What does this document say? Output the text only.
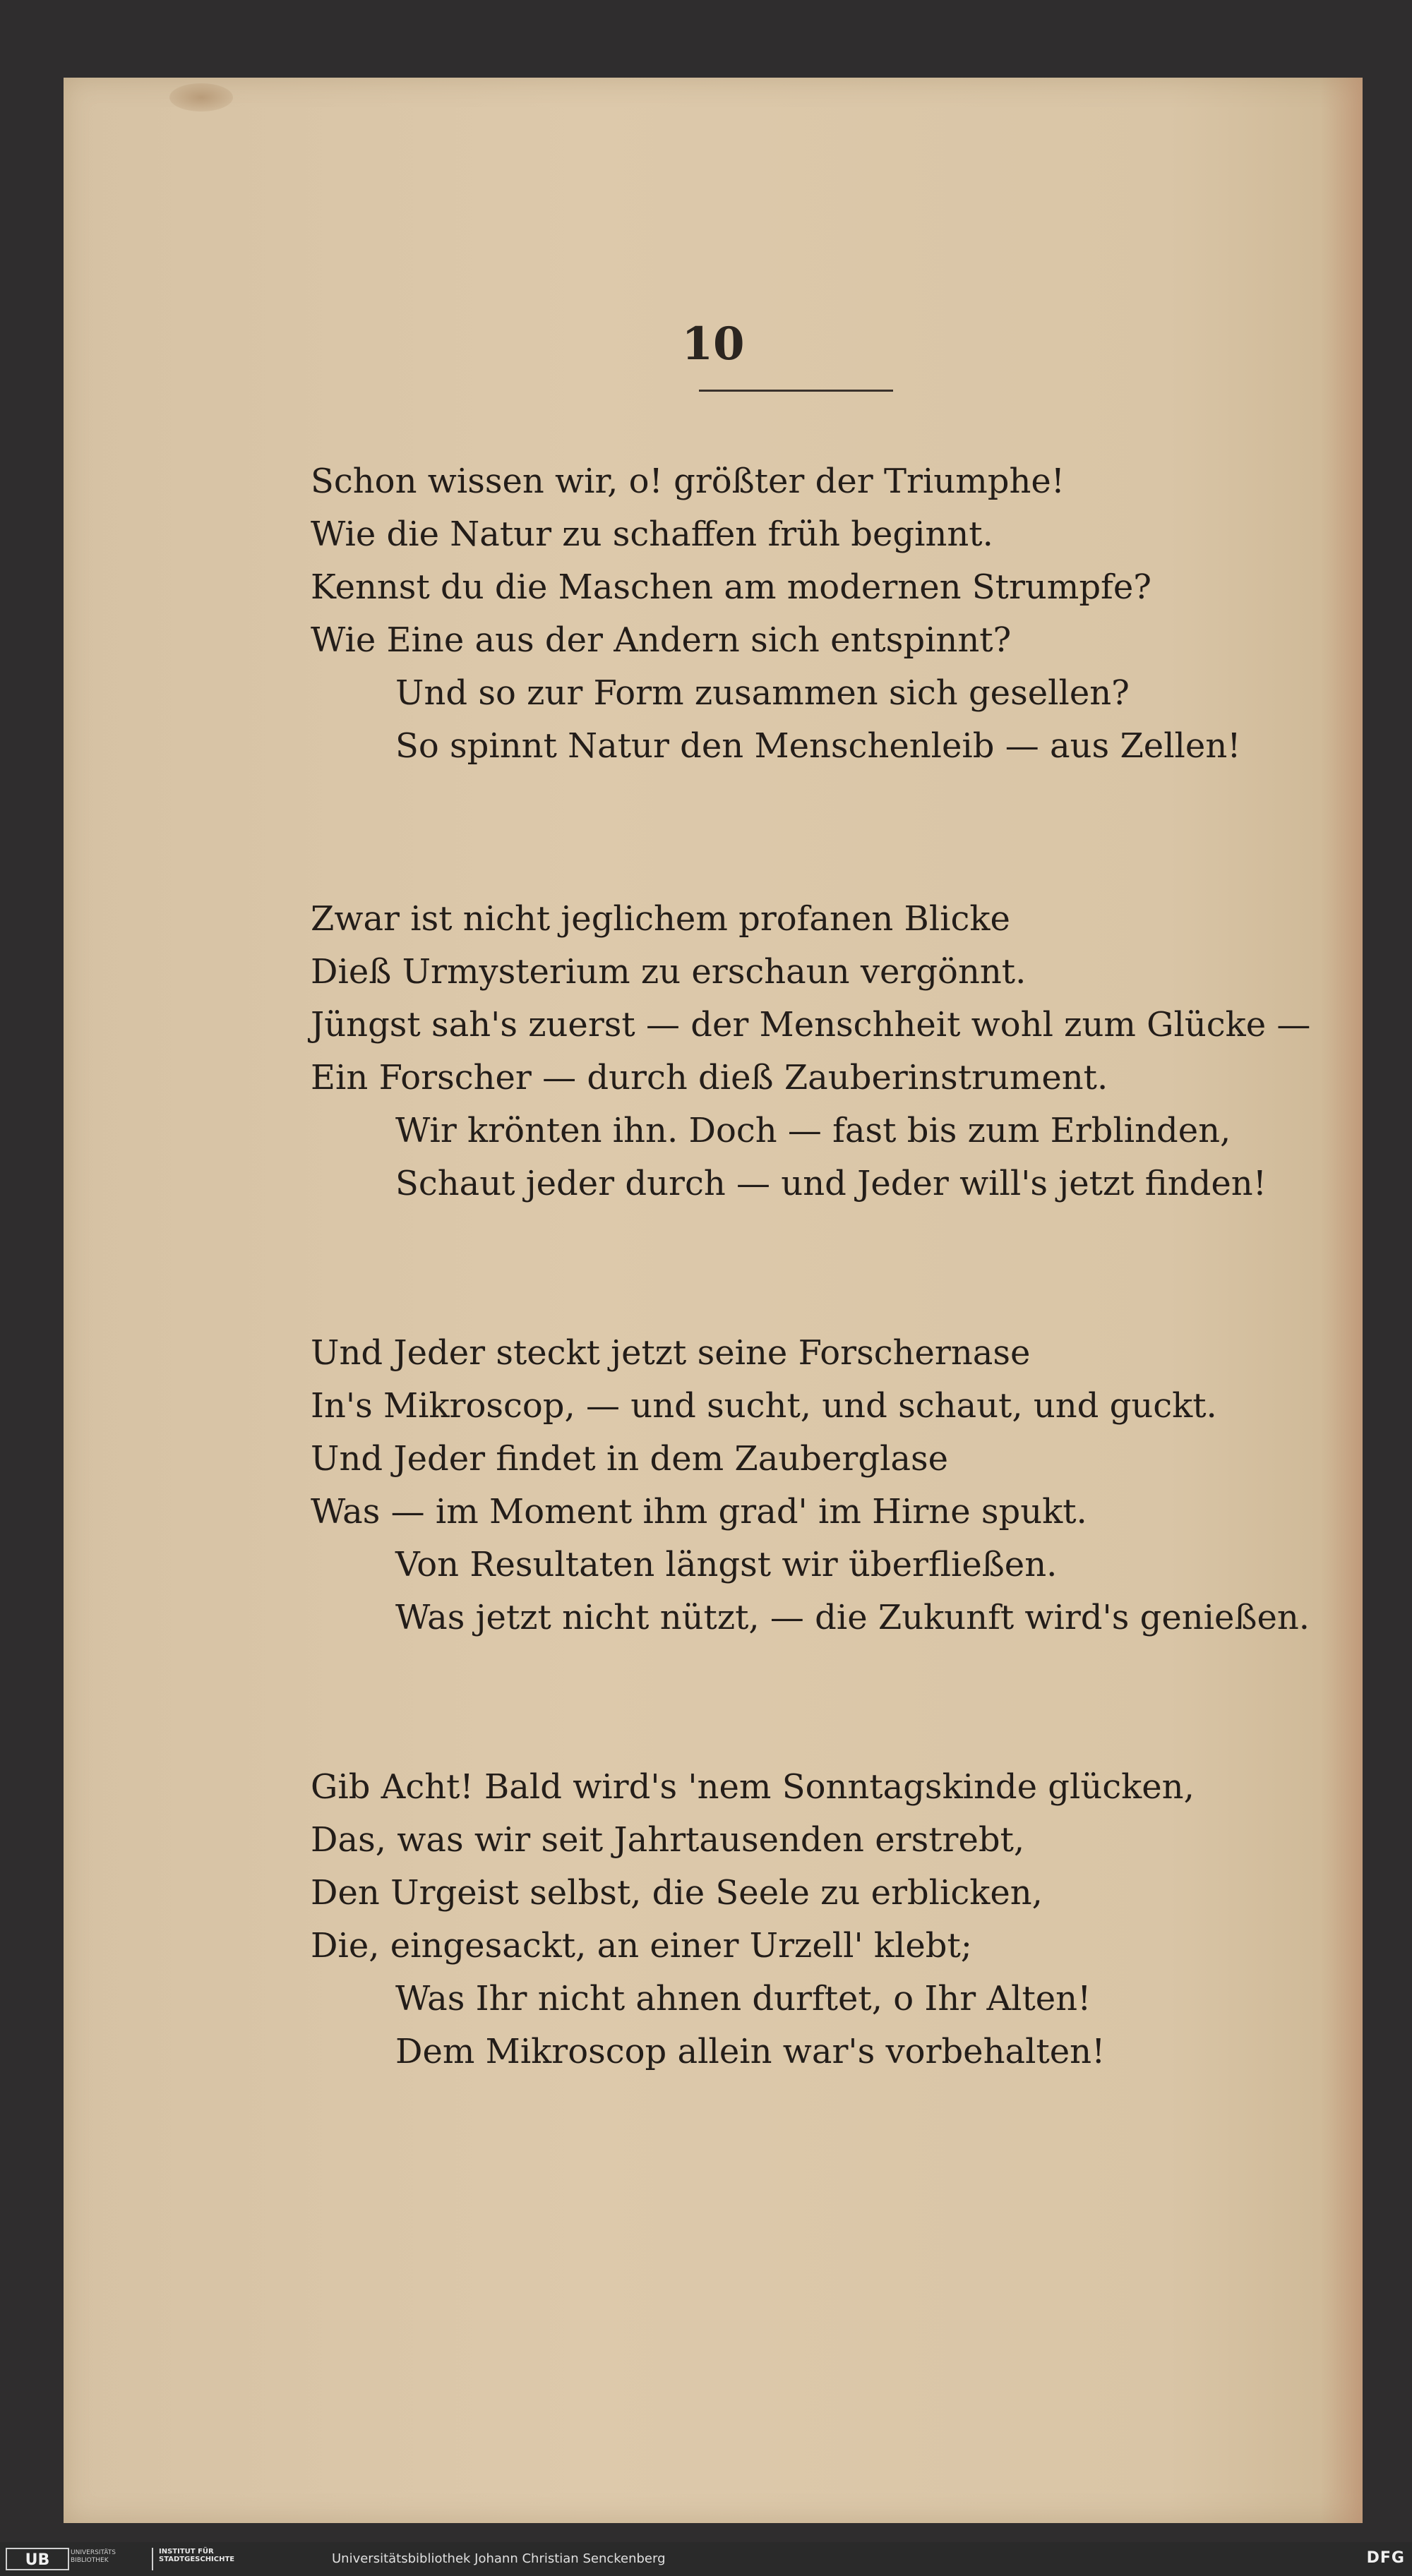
10

Schon wissen wir, o! größter der Triumphe!
Wie die Natur zu schaffen früh beginnt.
Kennst du die Maschen am modernen Strumpfe?
Wie Eine aus der Andern sich entspinnt?
Und so zur Form zusammen sich gesellen?
So spinnt Natur den Menschenleib — aus Zellen!
Zwar ist nicht jeglichem profanen Blicke
Dieß Urmysterium zu erschaun vergönnt.
Jüngst sah's zuerst — der Menschheit wohl zum Glücke —
Ein Forscher — durch dieß Zauberinstrument.
Wir krönten ihn. Doch — fast bis zum Erblinden,
Schaut jeder durch — und Jeder will's jetzt finden!
Und Jeder steckt jetzt seine Forschernase
In's Mikroscop, — und sucht, und schaut, und guckt.
Und Jeder findet in dem Zauberglase
Was — im Moment ihm grad' im Hirne spukt.
Von Resultaten längst wir überfließen.
Was jetzt nicht nützt, — die Zukunft wird's genießen.
Gib Acht! Bald wird's 'nem Sonntagskinde glücken,
Das, was wir seit Jahrtausenden erstrebt,
Den Urgeist selbst, die Seele zu erblicken,
Die, eingesackt, an einer Urzell' klebt;
Was Ihr nicht ahnen durftet, o Ihr Alten!
Dem Mikroscop allein war's vorbehalten!
UB	UNIVERSITÄTS BIBLIOTHEK
INSTITUT FÜR STADTGESCHICHTE	Universitätsbibliothek Johann Christian Senckenberg	DFG
